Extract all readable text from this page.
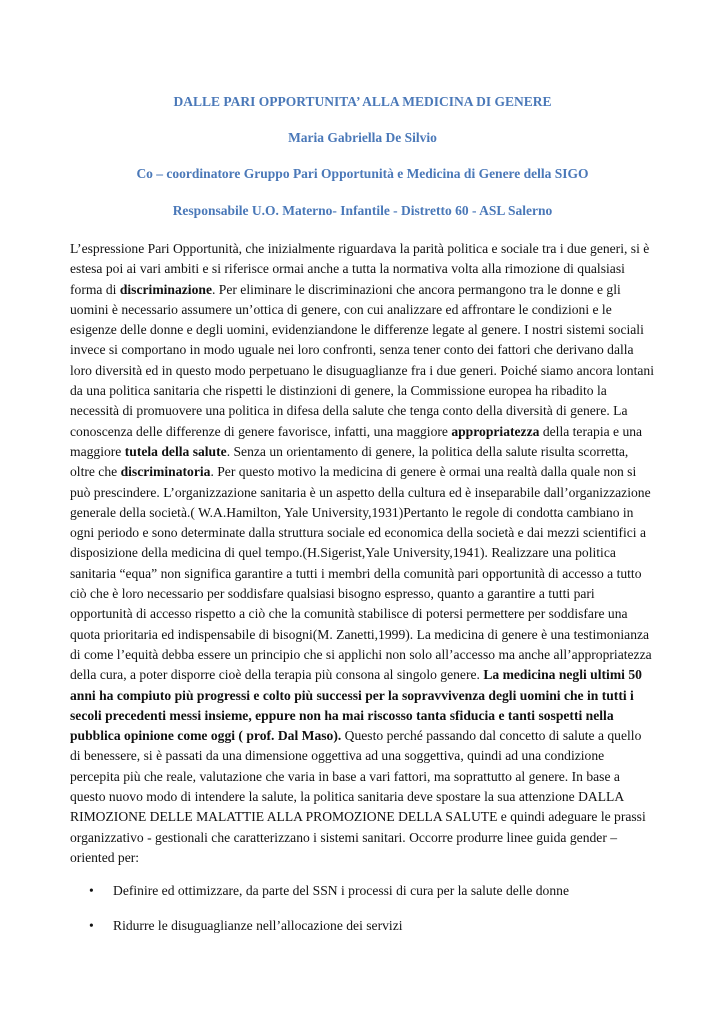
DALLE PARI OPPORTUNITA’ ALLA MEDICINA DI GENERE

Maria Gabriella De Silvio

Co – coordinatore Gruppo Pari Opportunità e Medicina di Genere della SIGO

Responsabile U.O. Materno- Infantile - Distretto 60 - ASL Salerno

L’espressione Pari Opportunità, che inizialmente riguardava la parità politica e sociale tra i due generi, si è estesa poi ai vari ambiti e si riferisce ormai anche a tutta la normativa volta alla rimozione di qualsiasi forma di discriminazione. Per eliminare le discriminazioni che ancora permangono tra le donne e gli uomini è necessario assumere un’ottica di genere, con cui analizzare ed affrontare le condizioni e le esigenze delle donne e degli uomini, evidenziandone le differenze legate al genere. I nostri sistemi sociali invece si comportano in modo uguale nei loro confronti, senza tener conto dei fattori che derivano dalla loro diversità ed in questo modo perpetuano le disuguaglianze fra i due generi. Poiché siamo ancora lontani da una politica sanitaria che rispetti le distinzioni di genere, la Commissione europea ha ribadito la necessità di promuovere una politica in difesa della salute che tenga conto della diversità di genere. La conoscenza delle differenze di genere favorisce, infatti, una maggiore appropriatezza della terapia e una maggiore tutela della salute. Senza un orientamento di genere, la politica della salute risulta scorretta, oltre che discriminatoria. Per questo motivo la medicina di genere è ormai una realtà dalla quale non si può prescindere. L’organizzazione sanitaria è un aspetto della cultura ed è inseparabile dall’organizzazione generale della società.( W.A.Hamilton, Yale University,1931)Pertanto le regole di condotta cambiano in ogni periodo e sono determinate dalla struttura sociale ed economica della società e dai mezzi scientifici a disposizione della medicina di quel tempo.(H.Sigerist,Yale University,1941). Realizzare una politica sanitaria “equa” non significa garantire a tutti i membri della comunità pari opportunità di accesso a tutto ciò che è loro necessario per soddisfare qualsiasi bisogno espresso, quanto a garantire a tutti pari opportunità di accesso rispetto a ciò che la comunità stabilisce di potersi permettere per soddisfare una quota prioritaria ed indispensabile di bisogni(M. Zanetti,1999). La medicina di genere è una testimonianza di come l’equità debba essere un principio che si applichi non solo all’accesso ma anche all’appropriatezza della cura, a poter disporre cioè della terapia più consona al singolo genere. La medicina negli ultimi 50 anni ha compiuto più progressi e colto più successi per la sopravvivenza degli uomini che in tutti i secoli precedenti messi insieme, eppure non ha mai riscosso tanta sfiducia e tanti sospetti nella pubblica opinione come oggi ( prof. Dal Maso). Questo perché passando dal concetto di salute a quello di benessere, si è passati da una dimensione oggettiva ad una soggettiva, quindi ad una condizione percepita più che reale, valutazione che varia in base a vari fattori, ma soprattutto al genere. In base a questo nuovo modo di intendere la salute, la politica sanitaria deve spostare la sua attenzione DALLA RIMOZIONE DELLE MALATTIE ALLA PROMOZIONE DELLA SALUTE e quindi adeguare le prassi organizzativo - gestionali che caratterizzano i sistemi sanitari. Occorre produrre linee guida gender – oriented per:

• Definire ed ottimizzare, da parte del SSN i processi di cura per la salute delle donne
• Ridurre le disuguaglianze nell’allocazione dei servizi
